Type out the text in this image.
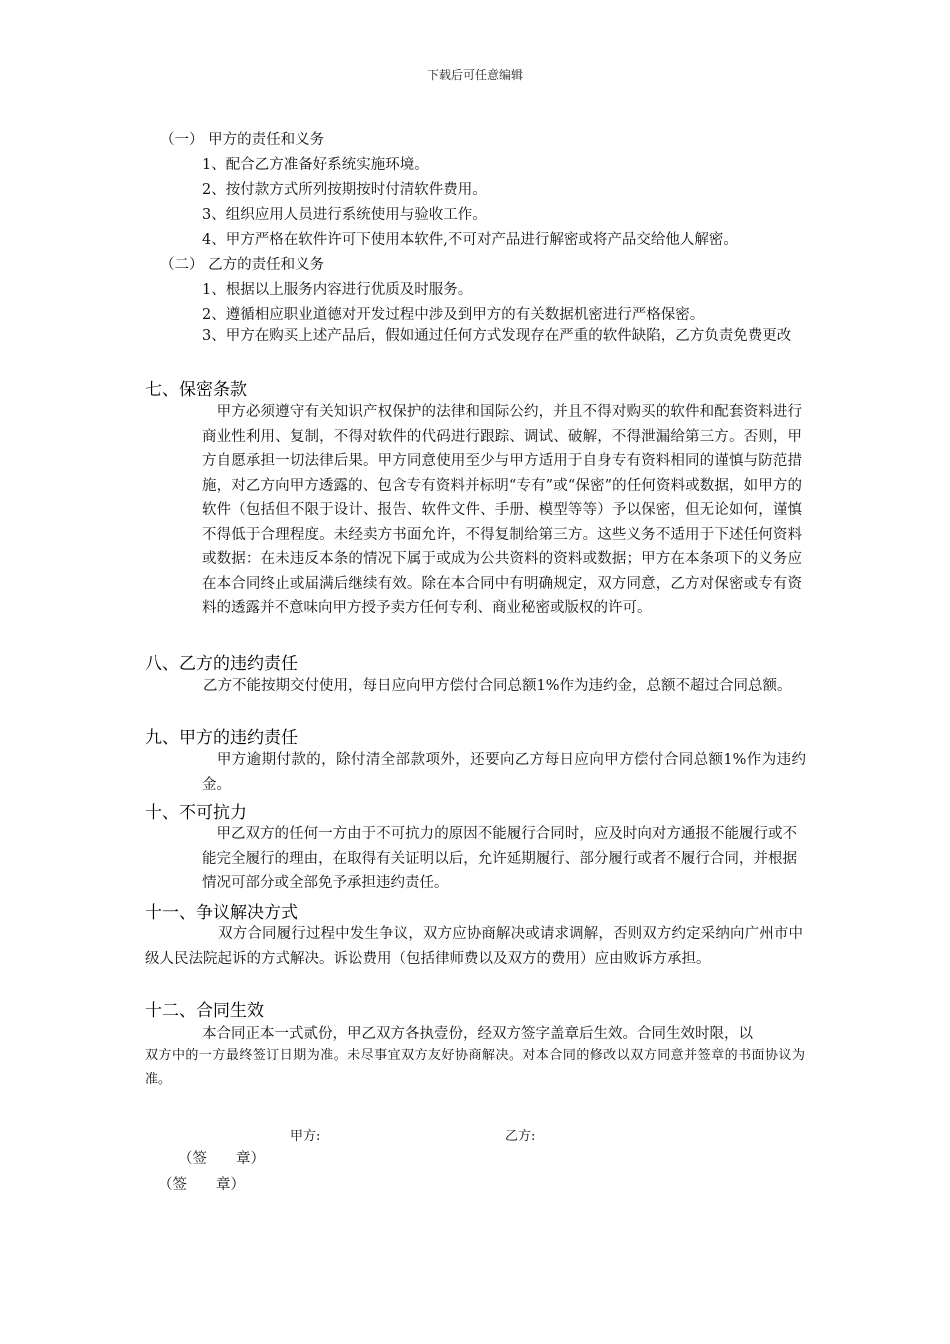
下载后可任意编辑
（一） 甲方的责任和义务
1、配合乙方准备好系统实施环境。
2、按付款方式所列按期按时付清软件费用。
3、组织应用人员进行系统使用与验收工作。
4、甲方严格在软件许可下使用本软件,不可对产品进行解密或将产品交给他人解密。
（二） 乙方的责任和义务
1、根据以上服务内容进行优质及时服务。
2、遵循相应职业道德对开发过程中涉及到甲方的有关数据机密进行严格保密。
3、甲方在购买上述产品后，假如通过任何方式发现存在严重的软件缺陷，乙方负责免费更改
七、保密条款
　甲方必须遵守有关知识产权保护的法律和国际公约，并且不得对购买的软件和配套资料进行商业性利用、复制，不得对软件的代码进行跟踪、调试、破解，不得泄漏给第三方。否则，甲方自愿承担一切法律后果。甲方同意使用至少与甲方适用于自身专有资料相同的谨慎与防范措施，对乙方向甲方透露的、包含专有资料并标明“专有”或“保密”的任何资料或数据，如甲方的软件（包括但不限于设计、报告、软件文件、手册、模型等等）予以保密，但无论如何，谨慎不得低于合理程度。未经卖方书面允许，不得复制给第三方。这些义务不适用于下述任何资料或数据：在未违反本条的情况下属于或成为公共资料的资料或数据；甲方在本条项下的义务应在本合同终止或届满后继续有效。除在本合同中有明确规定，双方同意，乙方对保密或专有资料的透露并不意味向甲方授予卖方任何专利、商业秘密或版权的许可。
八、乙方的违约责任
　　　　乙方不能按期交付使用，每日应向甲方偿付合同总额1%作为违约金，总额不超过合同总额。
九、甲方的违约责任
　甲方逾期付款的，除付清全部款项外，还要向乙方每日应向甲方偿付合同总额1%作为违约金。
十、不可抗力
　甲乙双方的任何一方由于不可抗力的原因不能履行合同时，应及时向对方通报不能履行或不能完全履行的理由，在取得有关证明以后，允许延期履行、部分履行或者不履行合同，并根据情况可部分或全部免予承担违约责任。
十一、争议解决方式
　　　　　双方合同履行过程中发生争议，双方应协商解决或请求调解，否则双方约定采纳向广州市中级人民法院起诉的方式解决。诉讼费用（包括律师费以及双方的费用）应由败诉方承担。
十二、合同生效
本合同正本一式贰份，甲乙双方各执壹份，经双方签字盖章后生效。合同生效时限，以
双方中的一方最终签订日期为准。未尽事宜双方友好协商解决。对本合同的修改以双方同意并签章的书面协议为准。
甲方:	乙方:
（签　　章）
（签　　章）
